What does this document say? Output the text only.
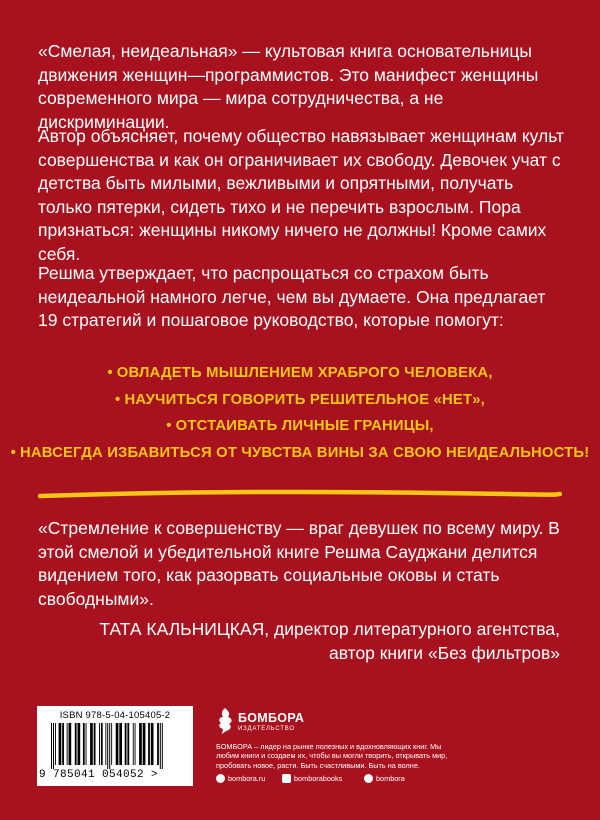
«Смелая, неидеальная» — культовая книга основательницы движения женщин—программистов. Это манифест женщины современного мира — мира сотрудничества, а не дискриминации.

Автор объясняет, почему общество навязывает женщинам культ совершенства и как он ограничивает их свободу. Девочек учат с детства быть милыми, вежливыми и опрятными, получать только пятерки, сидеть тихо и не перечить взрослым. Пора признаться: женщины никому ничего не должны! Кроме самих себя.

Решма утверждает, что распрощаться со страхом быть неидеальной намного легче, чем вы думаете. Она предлагает 19 стратегий и пошаговое руководство, которые помогут:

• ОВЛАДЕТЬ МЫШЛЕНИЕМ ХРАБРОГО ЧЕЛОВЕКА,
• НАУЧИТЬСЯ ГОВОРИТЬ РЕШИТЕЛЬНОЕ «НЕТ»,
• ОТСТАИВАТЬ ЛИЧНЫЕ ГРАНИЦЫ,
• НАВСЕГДА ИЗБАВИТЬСЯ ОТ ЧУВСТВА ВИНЫ ЗА СВОЮ НЕИДЕАЛЬНОСТЬ!

«Стремление к совершенству — враг девушек по всему миру. В этой смелой и убедительной книге Решма Сауджани делится видением того, как разорвать социальные оковы и стать свободными».

ТАТА КАЛЬНИЦКАЯ, директор литературного агентства,
автор книги «Без фильтров»

ISBN 978-5-04-105405-2
9 785041 054052 >
БОМБОРА
ИЗДАТЕЛЬСТВО

БОМБОРА – лидер на рынке полезных и вдохновляющих книг. Мы любим книги и создаем их, чтобы вы могли творить, открывать мир, пробовать новое, расти. Быть счастливыми. Быть на волне.

bombora.ru	bomborabooks	bombora
